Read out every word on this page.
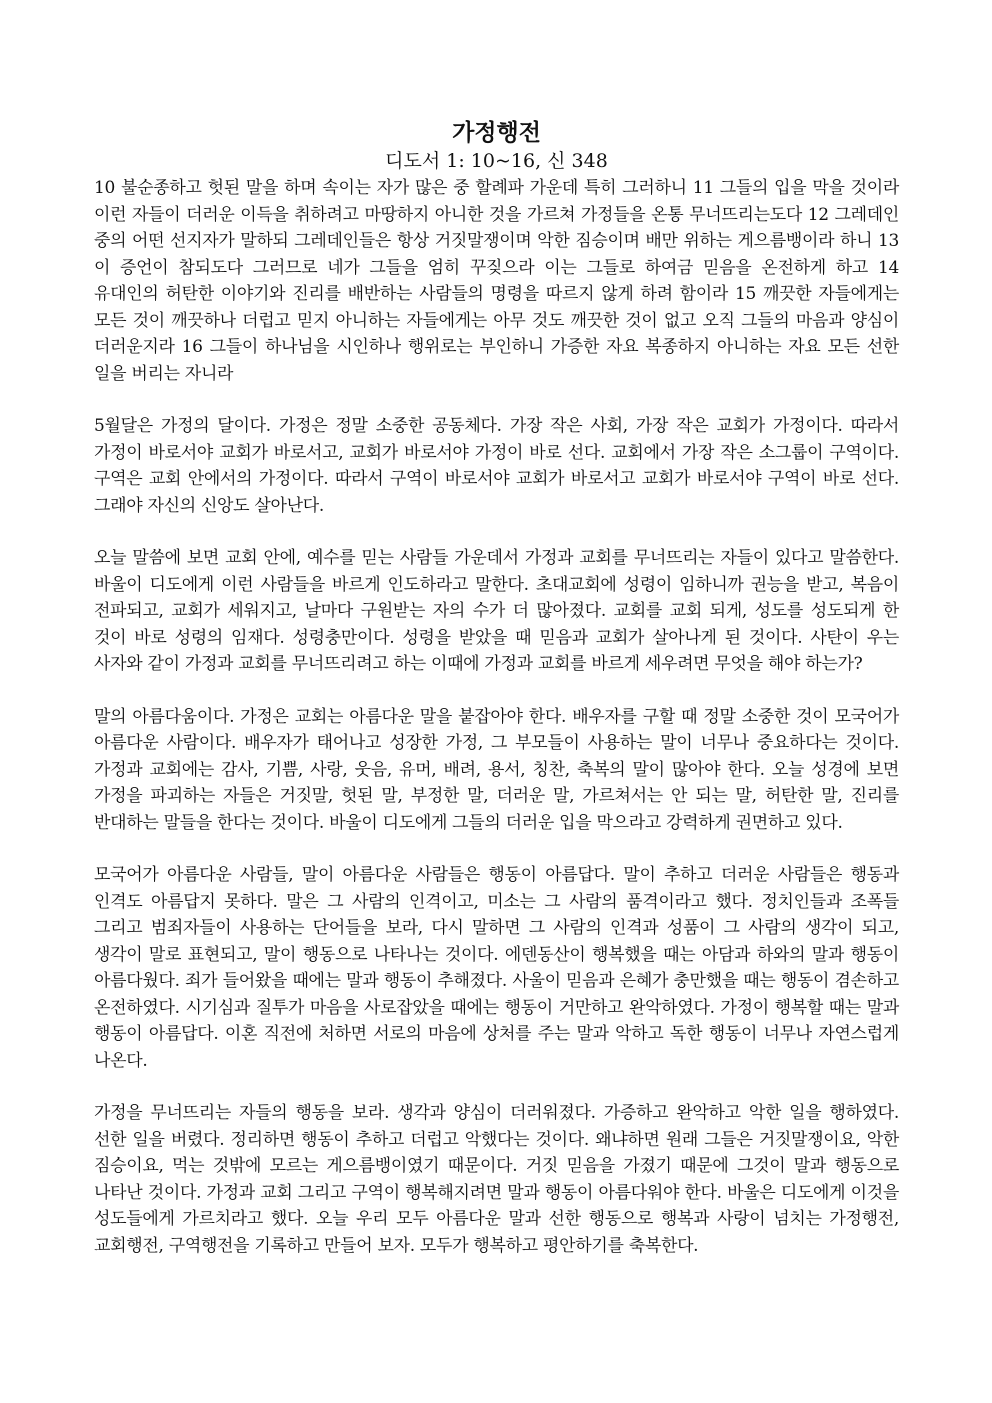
가정행전

디도서 1: 10~16, 신 348

10 불순종하고 헛된 말을 하며 속이는 자가 많은 중 할례파 가운데 특히 그러하니 11 그들의 입을 막을 것이라 이런 자들이 더러운 이득을 취하려고 마땅하지 아니한 것을 가르쳐 가정들을 온통 무너뜨리는도다 12 그레데인 중의 어떤 선지자가 말하되 그레데인들은 항상 거짓말쟁이며 악한 짐승이며 배만 위하는 게으름뱅이라 하니 13 이 증언이 참되도다 그러므로 네가 그들을 엄히 꾸짖으라 이는 그들로 하여금 믿음을 온전하게 하고 14 유대인의 허탄한 이야기와 진리를 배반하는 사람들의 명령을 따르지 않게 하려 함이라 15 깨끗한 자들에게는 모든 것이 깨끗하나 더럽고 믿지 아니하는 자들에게는 아무 것도 깨끗한 것이 없고 오직 그들의 마음과 양심이 더러운지라 16 그들이 하나님을 시인하나 행위로는 부인하니 가증한 자요 복종하지 아니하는 자요 모든 선한 일을 버리는 자니라

5월달은 가정의 달이다. 가정은 정말 소중한 공동체다. 가장 작은 사회, 가장 작은 교회가 가정이다. 따라서 가정이 바로서야 교회가 바로서고, 교회가 바로서야 가정이 바로 선다. 교회에서 가장 작은 소그룹이 구역이다. 구역은 교회 안에서의 가정이다. 따라서 구역이 바로서야 교회가 바로서고 교회가 바로서야 구역이 바로 선다. 그래야 자신의 신앙도 살아난다.

오늘 말씀에 보면 교회 안에, 예수를 믿는 사람들 가운데서 가정과 교회를 무너뜨리는 자들이 있다고 말씀한다. 바울이 디도에게 이런 사람들을 바르게 인도하라고 말한다. 초대교회에 성령이 임하니까 권능을 받고, 복음이 전파되고, 교회가 세워지고, 날마다 구원받는 자의 수가 더 많아졌다. 교회를 교회 되게, 성도를 성도되게 한 것이 바로 성령의 임재다. 성령충만이다. 성령을 받았을 때 믿음과 교회가 살아나게 된 것이다. 사탄이 우는 사자와 같이 가정과 교회를 무너뜨리려고 하는 이때에 가정과 교회를 바르게 세우려면 무엇을 해야 하는가?

말의 아름다움이다. 가정은 교회는 아름다운 말을 붙잡아야 한다. 배우자를 구할 때 정말 소중한 것이 모국어가 아름다운 사람이다. 배우자가 태어나고 성장한 가정, 그 부모들이 사용하는 말이 너무나 중요하다는 것이다. 가정과 교회에는 감사, 기쁨, 사랑, 웃음, 유머, 배려, 용서, 칭찬, 축복의 말이 많아야 한다. 오늘 성경에 보면 가정을 파괴하는 자들은 거짓말, 헛된 말, 부정한 말, 더러운 말, 가르쳐서는 안 되는 말, 허탄한 말, 진리를 반대하는 말들을 한다는 것이다. 바울이 디도에게 그들의 더러운 입을 막으라고 강력하게 권면하고 있다.

모국어가 아름다운 사람들, 말이 아름다운 사람들은 행동이 아름답다. 말이 추하고 더러운 사람들은 행동과 인격도 아름답지 못하다. 말은 그 사람의 인격이고, 미소는 그 사람의 품격이라고 했다. 정치인들과 조폭들 그리고 범죄자들이 사용하는 단어들을 보라, 다시 말하면 그 사람의 인격과 성품이 그 사람의 생각이 되고, 생각이 말로 표현되고, 말이 행동으로 나타나는 것이다. 에덴동산이 행복했을 때는 아담과 하와의 말과 행동이 아름다웠다. 죄가 들어왔을 때에는 말과 행동이 추해졌다. 사울이 믿음과 은혜가 충만했을 때는 행동이 겸손하고 온전하였다. 시기심과 질투가 마음을 사로잡았을 때에는 행동이 거만하고 완악하였다. 가정이 행복할 때는 말과 행동이 아름답다. 이혼 직전에 처하면 서로의 마음에 상처를 주는 말과 악하고 독한 행동이 너무나 자연스럽게 나온다.

가정을 무너뜨리는 자들의 행동을 보라. 생각과 양심이 더러워졌다. 가증하고 완악하고 악한 일을 행하였다. 선한 일을 버렸다. 정리하면 행동이 추하고 더럽고 악했다는 것이다. 왜냐하면 원래 그들은 거짓말쟁이요, 악한 짐승이요, 먹는 것밖에 모르는 게으름뱅이였기 때문이다. 거짓 믿음을 가졌기 때문에 그것이 말과 행동으로 나타난 것이다. 가정과 교회 그리고 구역이 행복해지려면 말과 행동이 아름다워야 한다. 바울은 디도에게 이것을 성도들에게 가르치라고 했다. 오늘 우리 모두 아름다운 말과 선한 행동으로 행복과 사랑이 넘치는 가정행전, 교회행전, 구역행전을 기록하고 만들어 보자. 모두가 행복하고 평안하기를 축복한다.
